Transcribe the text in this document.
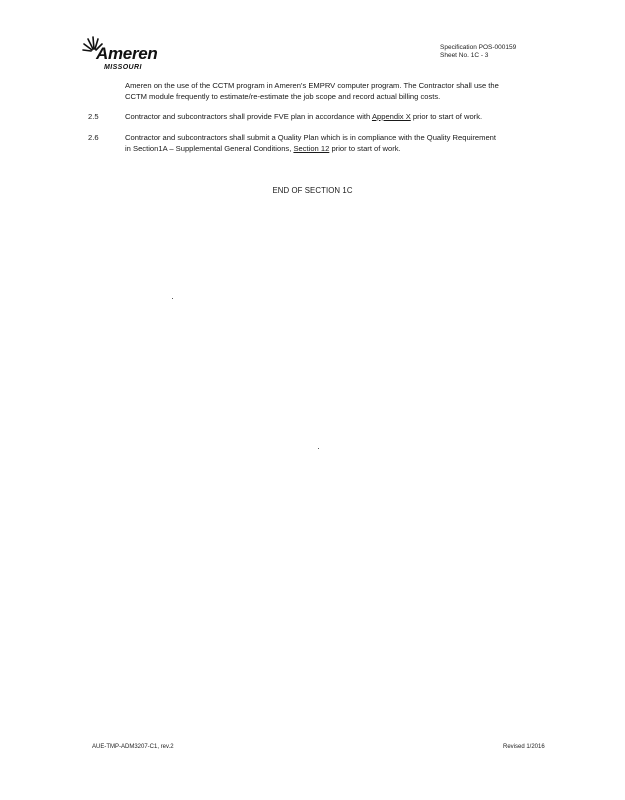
Ameren
MISSOURI
Specification POS-000159
Sheet No. 1C - 3
Ameren on the use of the CCTM program in Ameren's EMPRV computer program. The Contractor shall use the
CCTM module frequently to estimate/re-estimate the job scope and record actual billing costs.
2.5	Contractor and subcontractors shall provide FVE plan in accordance with Appendix X prior to start of work.
2.6	Contractor and subcontractors shall submit a Quality Plan which is in compliance with the Quality Requirement
in Section1A – Supplemental General Conditions, Section 12 prior to start of work.
END OF SECTION 1C
AUE-TMP-ADM3207-C1, rev.2	Revised 1/2016
